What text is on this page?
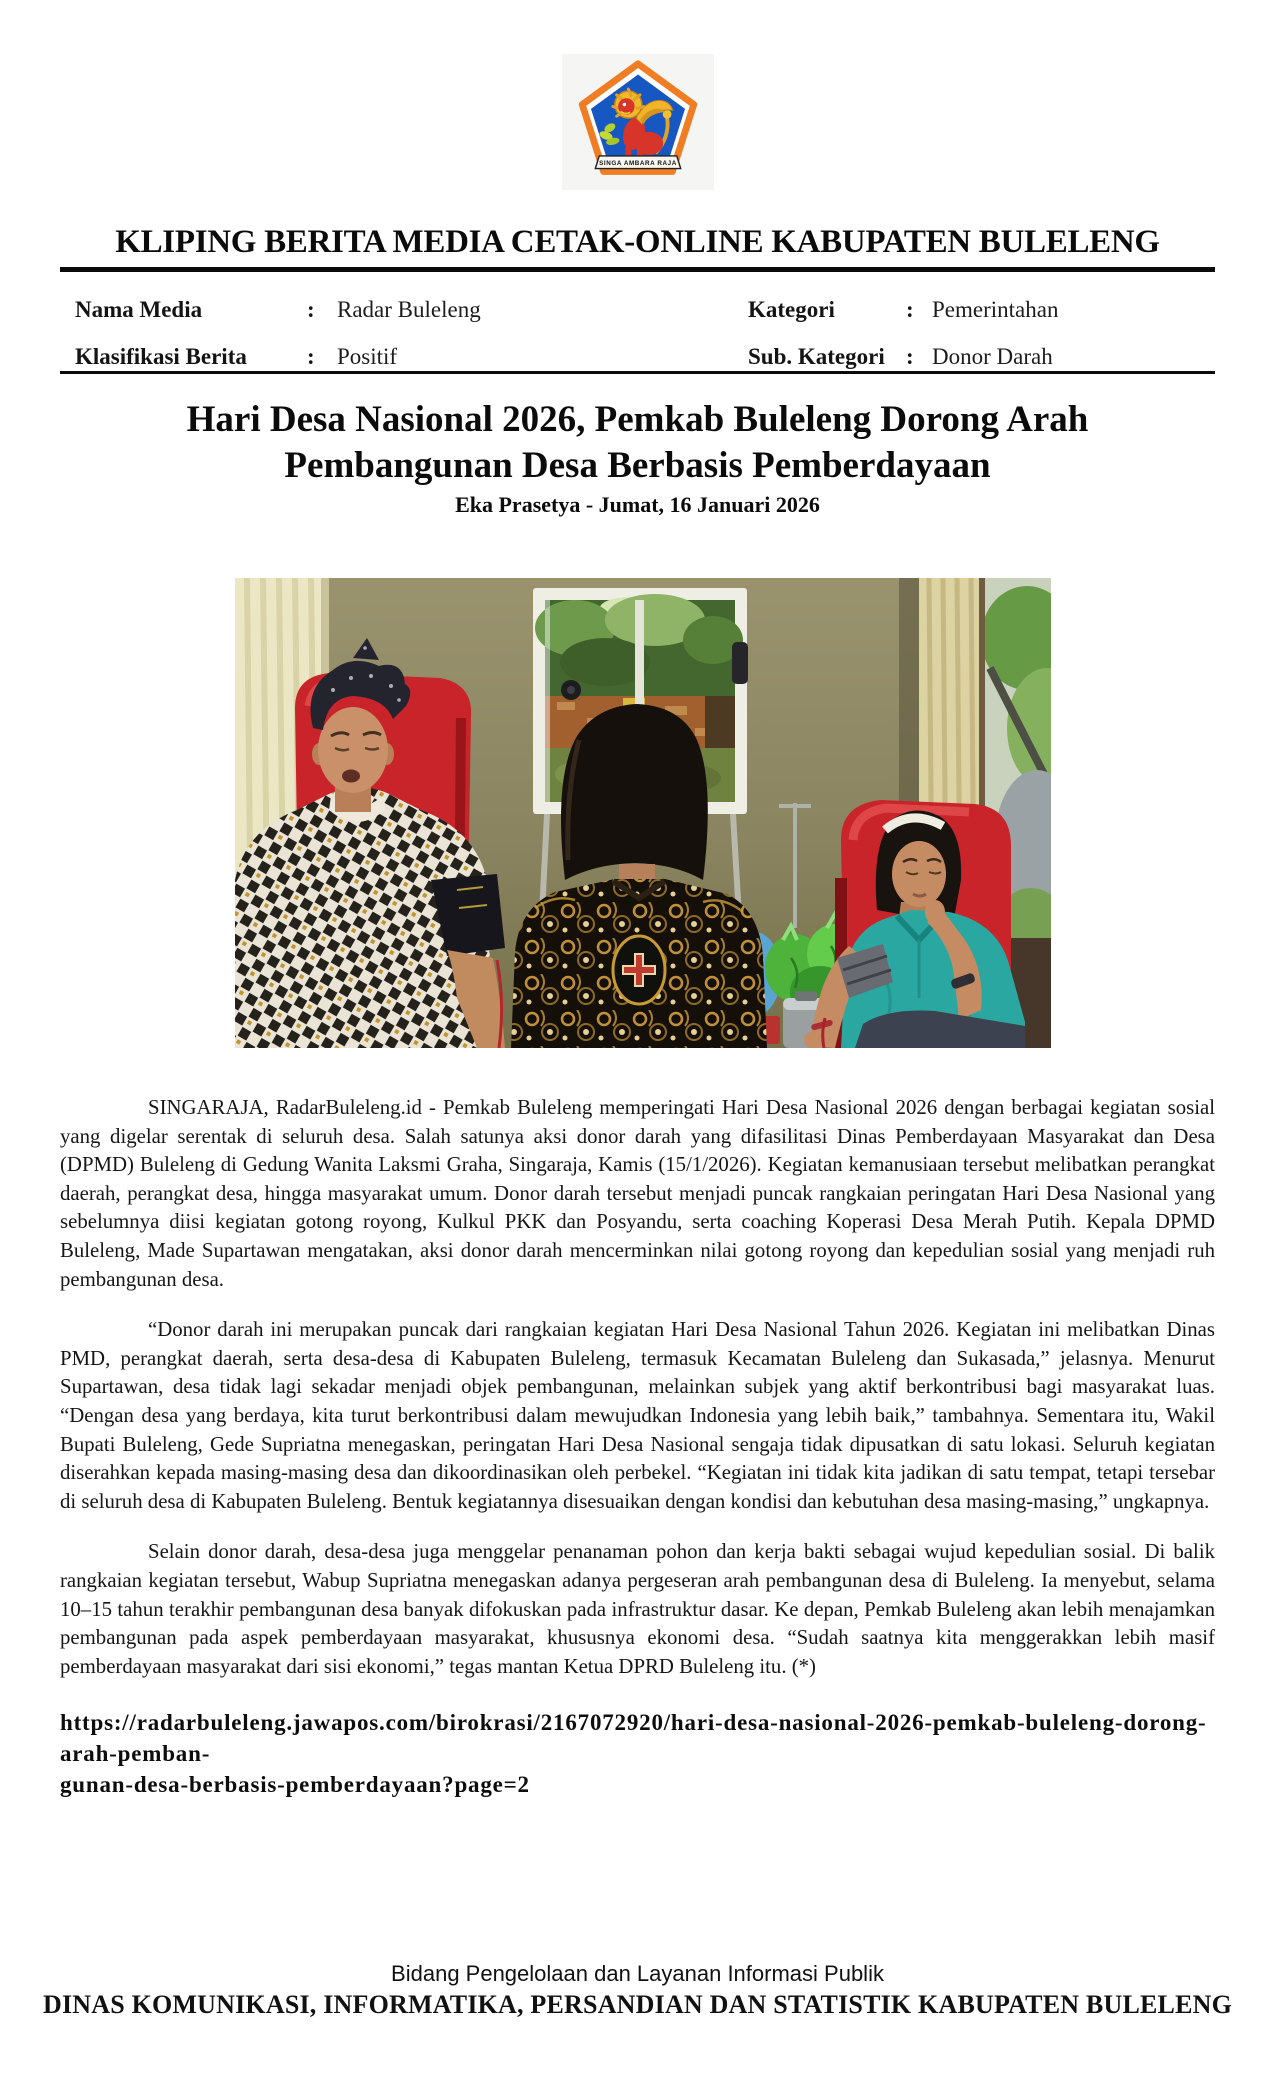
SINGA AMBARA RAJA
KLIPING BERITA MEDIA CETAK-ONLINE KABUPATEN BULELENG
Nama Media	: Radar Buleleng	Kategori	: Pemerintahan
Klasifikasi Berita	: Positif	Sub. Kategori : Donor Darah
Hari Desa Nasional 2026, Pemkab Buleleng Dorong Arah
Pembangunan Desa Berbasis Pemberdayaan
Eka Prasetya - Jumat, 16 Januari 2026

SINGARAJA, RadarBuleleng.id - Pemkab Buleleng memperingati Hari Desa Nasional 2026 dengan berbagai kegiatan sosial yang digelar serentak di seluruh desa. Salah satunya aksi donor darah yang difasilitasi Dinas Pemberdayaan Masyarakat dan Desa (DPMD) Buleleng di Gedung Wanita Laksmi Graha, Singaraja, Kamis (15/1/2026). Kegiatan kemanusiaan tersebut melibatkan perangkat daerah, perangkat desa, hingga masyarakat umum. Donor darah tersebut menjadi puncak rangkaian peringatan Hari Desa Nasional yang sebelumnya diisi kegiatan gotong royong, Kulkul PKK dan Posyandu, serta coaching Koperasi Desa Merah Putih. Kepala DPMD Buleleng, Made Supartawan mengatakan, aksi donor darah mencerminkan nilai gotong royong dan kepedulian sosial yang menjadi ruh pembangunan desa.

“Donor darah ini merupakan puncak dari rangkaian kegiatan Hari Desa Nasional Tahun 2026. Kegiatan ini melibatkan Dinas PMD, perangkat daerah, serta desa-desa di Kabupaten Buleleng, termasuk Kecamatan Buleleng dan Sukasada,” jelasnya. Menurut Supartawan, desa tidak lagi sekadar menjadi objek pembangunan, melainkan subjek yang aktif berkontribusi bagi masyarakat luas. “Dengan desa yang berdaya, kita turut berkontribusi dalam mewujudkan Indonesia yang lebih baik,” tambahnya. Sementara itu, Wakil Bupati Buleleng, Gede Supriatna menegaskan, peringatan Hari Desa Nasional sengaja tidak dipusatkan di satu lokasi. Seluruh kegiatan diserahkan kepada masing-masing desa dan dikoordinasikan oleh perbekel. “Kegiatan ini tidak kita jadikan di satu tempat, tetapi tersebar di seluruh desa di Kabupaten Buleleng. Bentuk kegiatannya disesuaikan dengan kondisi dan kebutuhan desa masing-masing,” ungkapnya.

Selain donor darah, desa-desa juga menggelar penanaman pohon dan kerja bakti sebagai wujud kepedulian sosial. Di balik rangkaian kegiatan tersebut, Wabup Supriatna menegaskan adanya pergeseran arah pembangunan desa di Buleleng. Ia menyebut, selama 10–15 tahun terakhir pembangunan desa banyak difokuskan pada infrastruktur dasar. Ke depan, Pemkab Buleleng akan lebih menajamkan pembangunan pada aspek pemberdayaan masyarakat, khususnya ekonomi desa. “Sudah saatnya kita menggerakkan lebih masif pemberdayaan masyarakat dari sisi ekonomi,” tegas mantan Ketua DPRD Buleleng itu. (*)

https://radarbuleleng.jawapos.com/birokrasi/2167072920/hari-desa-nasional-2026-pemkab-buleleng-dorong-arah-pemban-
gunan-desa-berbasis-pemberdayaan?page=2
Bidang Pengelolaan dan Layanan Informasi Publik
DINAS KOMUNIKASI, INFORMATIKA, PERSANDIAN DAN STATISTIK KABUPATEN BULELENG
